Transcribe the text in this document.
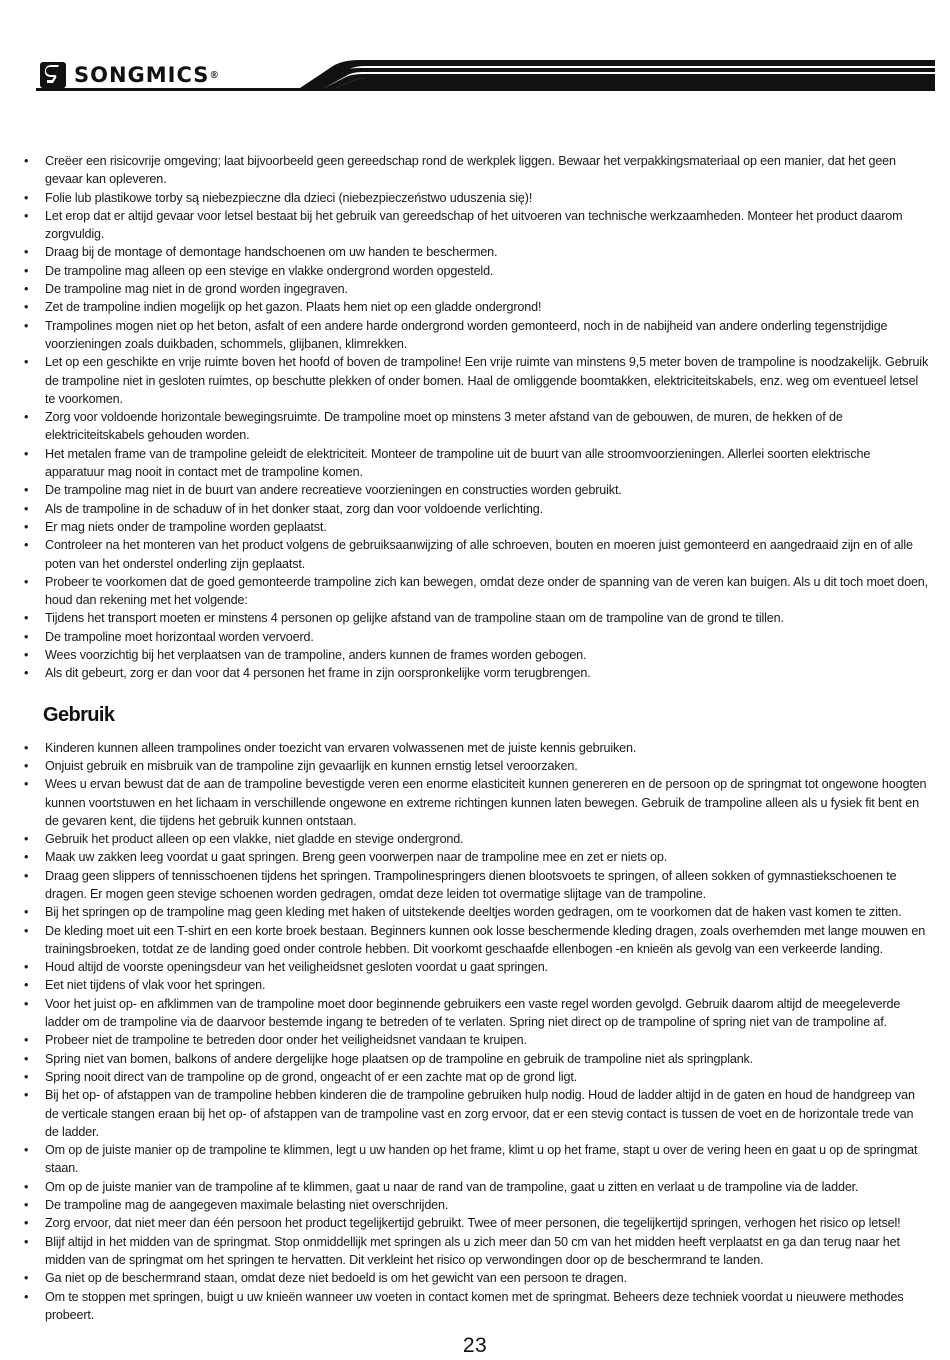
SONGMICS ®
•	Creëer een risicovrije omgeving; laat bijvoorbeeld geen gereedschap rond de werkplek liggen. Bewaar het verpakkingsmateriaal op een manier, dat het geen gevaar kan opleveren.
•	Folie lub plastikowe torby są niebezpieczne dla dzieci (niebezpieczeństwo uduszenia się)!
•	Let erop dat er altijd gevaar voor letsel bestaat bij het gebruik van gereedschap of het uitvoeren van technische werkzaamheden. Monteer het product daarom zorgvuldig.
•	Draag bij de montage of demontage handschoenen om uw handen te beschermen.
•	De trampoline mag alleen op een stevige en vlakke ondergrond worden opgesteld.
•	De trampoline mag niet in de grond worden ingegraven.
•	Zet de trampoline indien mogelijk op het gazon. Plaats hem niet op een gladde ondergrond!
•	Trampolines mogen niet op het beton, asfalt of een andere harde ondergrond worden gemonteerd, noch in de nabijheid van andere onderling tegenstrijdige voorzieningen zoals duikbaden, schommels, glijbanen, klimrekken.
•	Let op een geschikte en vrije ruimte boven het hoofd of boven de trampoline! Een vrije ruimte van minstens 9,5 meter boven de trampoline is noodzakelijk. Gebruik de trampoline niet in gesloten ruimtes, op beschutte plekken of onder bomen. Haal de omliggende boomtakken, elektriciteitskabels, enz. weg om eventueel letsel te voorkomen.
•	Zorg voor voldoende horizontale bewegingsruimte. De trampoline moet op minstens 3 meter afstand van de gebouwen, de muren, de hekken of de elektriciteitskabels gehouden worden.
•	Het metalen frame van de trampoline geleidt de elektriciteit. Monteer de trampoline uit de buurt van alle stroomvoorzieningen. Allerlei soorten elektrische apparatuur mag nooit in contact met de trampoline komen.
•	De trampoline mag niet in de buurt van andere recreatieve voorzieningen en constructies worden gebruikt.
•	Als de trampoline in de schaduw of in het donker staat, zorg dan voor voldoende verlichting.
•	Er mag niets onder de trampoline worden geplaatst.
•	Controleer na het monteren van het product volgens de gebruiksaanwijzing of alle schroeven, bouten en moeren juist gemonteerd en aangedraaid zijn en of alle poten van het onderstel onderling zijn geplaatst.
•	Probeer te voorkomen dat de goed gemonteerde trampoline zich kan bewegen, omdat deze onder de spanning van de veren kan buigen. Als u dit toch moet doen, houd dan rekening met het volgende:
•	Tijdens het transport moeten er minstens 4 personen op gelijke afstand van de trampoline staan om de trampoline van de grond te tillen.
•	De trampoline moet horizontaal worden vervoerd.
•	Wees voorzichtig bij het verplaatsen van de trampoline, anders kunnen de frames worden gebogen.
•	Als dit gebeurt, zorg er dan voor dat 4 personen het frame in zijn oorspronkelijke vorm terugbrengen.
Gebruik
•	Kinderen kunnen alleen trampolines onder toezicht van ervaren volwassenen met de juiste kennis gebruiken.
•	Onjuist gebruik en misbruik van de trampoline zijn gevaarlijk en kunnen ernstig letsel veroorzaken.
•	Wees u ervan bewust dat de aan de trampoline bevestigde veren een enorme elasticiteit kunnen genereren en de persoon op de springmat tot ongewone hoogten kunnen voortstuwen en het lichaam in verschillende ongewone en extreme richtingen kunnen laten bewegen. Gebruik de trampoline alleen als u fysiek fit bent en de gevaren kent, die tijdens het gebruik kunnen ontstaan.
•	Gebruik het product alleen op een vlakke, niet gladde en stevige ondergrond.
•	Maak uw zakken leeg voordat u gaat springen. Breng geen voorwerpen naar de trampoline mee en zet er niets op.
•	Draag geen slippers of tennisschoenen tijdens het springen. Trampolinespringers dienen blootsvoets te springen, of alleen sokken of gymnastiekschoenen te dragen. Er mogen geen stevige schoenen worden gedragen, omdat deze leiden tot overmatige slijtage van de trampoline.
•	Bij het springen op de trampoline mag geen kleding met haken of uitstekende deeltjes worden gedragen, om te voorkomen dat de haken vast komen te zitten.
•	De kleding moet uit een T-shirt en een korte broek bestaan. Beginners kunnen ook losse beschermende kleding dragen, zoals overhemden met lange mouwen en trainingsbroeken, totdat ze de landing goed onder controle hebben. Dit voorkomt geschaafde ellenbogen -en knieën als gevolg van een verkeerde landing.
•	Houd altijd de voorste openingsdeur van het veiligheidsnet gesloten voordat u gaat springen.
•	Eet niet tijdens of vlak voor het springen.
•	Voor het juist op- en afklimmen van de trampoline moet door beginnende gebruikers een vaste regel worden gevolgd. Gebruik daarom altijd de meegeleverde ladder om de trampoline via de daarvoor bestemde ingang te betreden of te verlaten. Spring niet direct op de trampoline of spring niet van de trampoline af.
•	Probeer niet de trampoline te betreden door onder het veiligheidsnet vandaan te kruipen.
•	Spring niet van bomen, balkons of andere dergelijke hoge plaatsen op de trampoline en gebruik de trampoline niet als springplank.
•	Spring nooit direct van de trampoline op de grond, ongeacht of er een zachte mat op de grond ligt.
•	Bij het op- of afstappen van de trampoline hebben kinderen die de trampoline gebruiken hulp nodig. Houd de ladder altijd in de gaten en houd de handgreep van de verticale stangen eraan bij het op- of afstappen van de trampoline vast en zorg ervoor, dat er een stevig contact is tussen de voet en de horizontale trede van de ladder.
•	Om op de juiste manier op de trampoline te klimmen, legt u uw handen op het frame, klimt u op het frame, stapt u over de vering heen en gaat u op de springmat staan.
•	Om op de juiste manier van de trampoline af te klimmen, gaat u naar de rand van de trampoline, gaat u zitten en verlaat u de trampoline via de ladder.
•	De trampoline mag de aangegeven maximale belasting niet overschrijden.
•	Zorg ervoor, dat niet meer dan één persoon het product tegelijkertijd gebruikt. Twee of meer personen, die tegelijkertijd springen, verhogen het risico op letsel!
•	Blijf altijd in het midden van de springmat. Stop onmiddellijk met springen als u zich meer dan 50 cm van het midden heeft verplaatst en ga dan terug naar het midden van de springmat om het springen te hervatten. Dit verkleint het risico op verwondingen door op de beschermrand te landen.
•	Ga niet op de beschermrand staan, omdat deze niet bedoeld is om het gewicht van een persoon te dragen.
•	Om te stoppen met springen, buigt u uw knieën wanneer uw voeten in contact komen met de springmat. Beheers deze techniek voordat u nieuwere methodes probeert.
23
